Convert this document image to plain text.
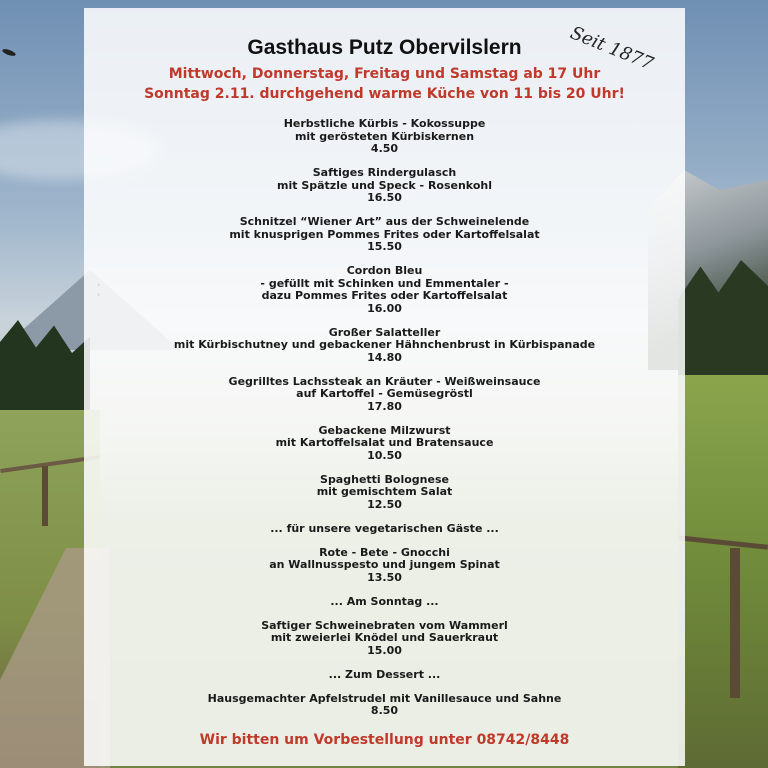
Gasthaus Putz Obervilslern	Seit 1877
Mittwoch, Donnerstag, Freitag und Samstag ab 17 Uhr
Sonntag 2.11. durchgehend warme Küche von 11 bis 20 Uhr!
Herbstliche Kürbis - Kokossuppe
mit gerösteten Kürbiskernen
4.50
Saftiges Rindergulasch
mit Spätzle und Speck - Rosenkohl
16.50
Schnitzel “Wiener Art” aus der Schweinelende
mit knusprigen Pommes Frites oder Kartoffelsalat
15.50
Cordon Bleu
- gefüllt mit Schinken und Emmentaler -
dazu Pommes Frites oder Kartoffelsalat
16.00
Großer Salatteller
mit Kürbischutney und gebackener Hähnchenbrust in Kürbispanade
14.80
Gegrilltes Lachssteak an Kräuter - Weißweinsauce
auf Kartoffel - Gemüsegröstl
17.80
Gebackene Milzwurst
mit Kartoffelsalat und Bratensauce
10.50
Spaghetti Bolognese
mit gemischtem Salat
12.50
... für unsere vegetarischen Gäste ...
Rote - Bete - Gnocchi
an Wallnusspesto und jungem Spinat
13.50
... Am Sonntag ...
Saftiger Schweinebraten vom Wammerl
mit zweierlei Knödel und Sauerkraut
15.00
... Zum Dessert ...
Hausgemachter Apfelstrudel mit Vanillesauce und Sahne
8.50
Wir bitten um Vorbestellung unter 08742/8448
